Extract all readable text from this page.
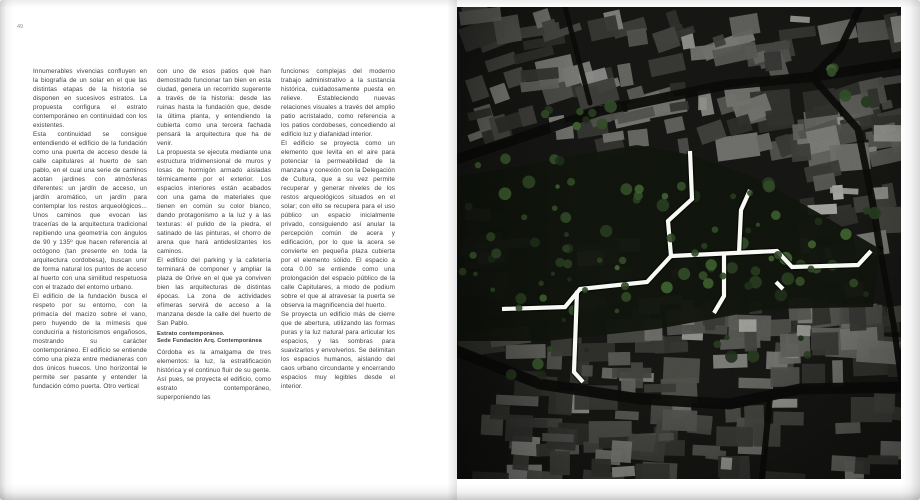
49

Innumerables vivencias confluyen en la biografía de un solar en el que las distintas etapas de la historia se disponen en sucesivos estratos. La propuesta configura el estrato contemporáneo en continuidad con los existentes.

Esta continuidad se consigue entendiendo el edificio de la fundación como una puerta de acceso desde la calle capitulares al huerto de san pablo, en el cual una serie de caminos acotan jardines con atmósferas diferentes: un jardín de acceso, un jardín aromático, un jardín para contemplar los restos arqueológicos... Unos caminos que evocan las tracerías de la arquitectura tradicional repitiendo una geometría con ángulos de 90 y 135º que hacen referencia al octógono (tan presente en toda la arquitectura cordobesa), buscan unir de forma natural los puntos de acceso al huerto con una similitud respetuosa con el trazado del entorno urbano.

El edificio de la fundación busca el respeto por su entorno, con la primacía del macizo sobre el vano, pero huyendo de la mímesis que conduciría a historicismos engañosos, mostrando su carácter contemporáneo. El edificio se entiende cómo una pieza entre medianeras con dos únicos huecos. Uno horizontal le permite ser pasante y entender la fundación cómo puerta. Otro vertical

con uno de esos patios que han demostrado funcionar tan bien en esta ciudad, genera un recorrido sugerente a través de la historia: desde las ruinas hasta la fundación que, desde la última planta, y entendiendo la cubierta como una tercera fachada pensará la arquitectura que ha de venir.

La propuesta se ejecuta mediante una estructura tridimensional de muros y losas de hormigón armado aisladas térmicamente por el exterior. Los espacios interiores están acabados con una gama de materiales que tienen en común su color blanco, dando protagonismo a la luz y a las texturas: el pulido de la piedra, el satinado de las pinturas, el chorro de arena que hará antideslizantes los caminos.

El edificio del parking y la cafetería terminará de componer y ampliar la plaza de Orive en el que ya conviven bien las arquitecturas de distintas épocas. La zona de actividades efímeras servirá de acceso a la manzana desde la calle del huerto de San Pablo.

Estrato contemporáneo.
Sede Fundación Arq. Contemporánea

Córdoba es la amalgama de tres elementos: la luz, la estratificación histórica y el continuo fluir de su gente.

Así pues, se proyecta el edificio, como estrato contemporáneo, superponiendo las

funciones complejas del moderno trabajo administrativo a la sustancia histórica, cuidadosamente puesta en relieve. Estableciendo nuevas relaciones visuales a través del amplio patio acristalado, como referencia a los patios cordobeses, concediendo al edificio luz y diafanidad interior.

El edificio se proyecta como un elemento que levita en el aire para potenciar la permeabilidad de la manzana y conexión con la Delegación de Cultura, que a su vez permite recuperar y generar niveles de los restos arqueológicos situados en el solar; con ello se recupera para el uso público un espacio inicialmente privado, consiguiendo así anular la percepción común de acera y edificación, por lo que la acera se convierte en pequeña plaza cubierta por el elemento sólido. El espacio a cota 0.00 se entiende como una prolongación del espacio público de la calle Capitulares, a modo de podium sobre el que al atravesar la puerta se observa la magnificencia del huerto.

Se proyecta un edificio más de cierre que de abertura, utilizando las formas puras y la luz natural para articular los espacios, y las sombras para suavizarlos y envolverlos. Se delimitan los espacios humanos, aislando del caos urbano circundante y encerrando espacios muy legibles desde el interior.
